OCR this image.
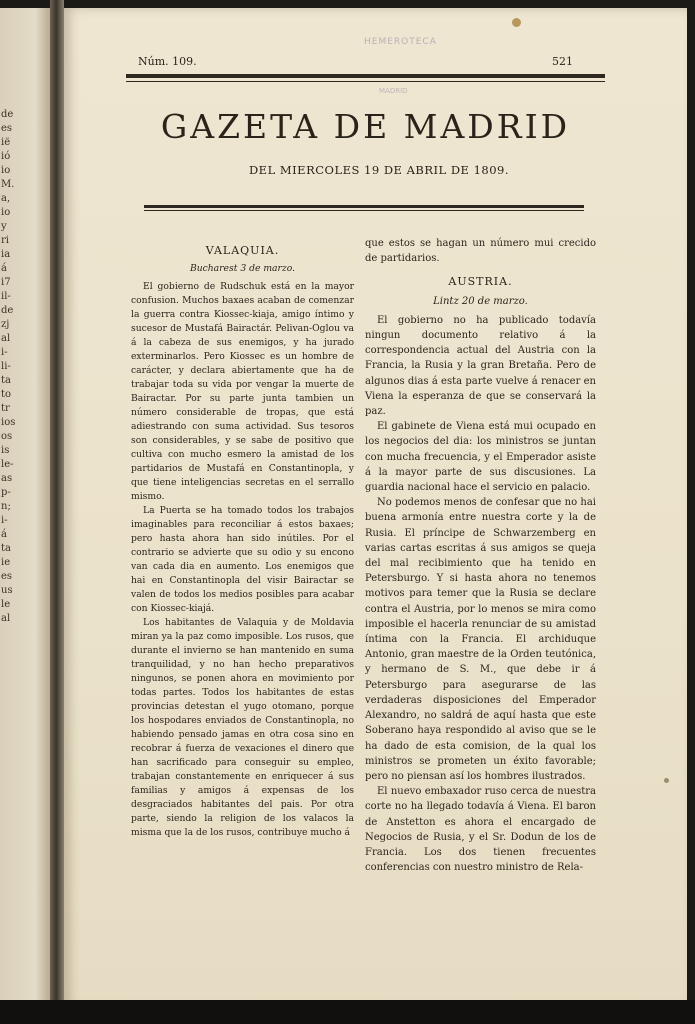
de
es
ië
ió
io
M.
a,
io
y
ri
ia
á
i7
il-
de
zj
al
i-
li-
ta
to
tr
ios
os
is
le-
as
p-
n;
i-
á
ta
ie
es
us
le
al
HEMEROTECA
MADRID
Núm. 109.	521
GAZETA DE MADRID
DEL MIERCOLES 19 DE ABRIL DE 1809.
VALAQUIA.
Bucharest 3 de marzo.
El gobierno de Rudschuk está en la mayor confusion. Muchos baxaes acaban de comenzar la guerra contra Kiossec-kiaja, amigo íntimo y sucesor de Mustafá Bairactár. Pelivan-Oglou va á la cabeza de sus enemigos, y ha jurado exterminarlos. Pero Kiossec es un hombre de carácter, y declara abiertamente que ha de trabajar toda su vida por vengar la muerte de Bairactar. Por su parte junta tambien un número considerable de tropas, que está adiestrando con suma actividad. Sus tesoros son considerables, y se sabe de positivo que cultiva con mucho esmero la amistad de los partidarios de Mustafá en Constantinopla, y que tiene inteligencias secretas en el serrallo mismo.
La Puerta se ha tomado todos los trabajos imaginables para reconciliar á estos baxaes; pero hasta ahora han sido inútiles. Por el contrario se advierte que su odio y su encono van cada dia en aumento. Los enemigos que hai en Constantinopla del visir Bairactar se valen de todos los medios posibles para acabar con Kiossec-kiajá.
Los habitantes de Valaquia y de Moldavia miran ya la paz como imposible. Los rusos, que durante el invierno se han mantenido en suma tranquilidad, y no han hecho preparativos ningunos, se ponen ahora en movimiento por todas partes. Todos los habitantes de estas provincias detestan el yugo otomano, porque los hospodares enviados de Constantinopla, no habiendo pensado jamas en otra cosa sino en recobrar á fuerza de vexaciones el dinero que han sacrificado para conseguir su empleo, trabajan constantemente en enriquecer á sus familias y amigos á expensas de los desgraciados habitantes del pais. Por otra parte, siendo la religion de los valacos la misma que la de los rusos, contribuye mucho á
que estos se hagan un número mui crecido de partidarios.
AUSTRIA.
Lintz 20 de marzo.
El gobierno no ha publicado todavía ningun documento relativo á la correspondencia actual del Austria con la Francia, la Rusia y la gran Bretaña. Pero de algunos dias á esta parte vuelve á renacer en Viena la esperanza de que se conservará la paz.
El gabinete de Viena está mui ocupado en los negocios del dia: los ministros se juntan con mucha frecuencia, y el Emperador asiste á la mayor parte de sus discusiones. La guardia nacional hace el servicio en palacio.
No podemos menos de confesar que no hai buena armonía entre nuestra corte y la de Rusia. El príncipe de Schwarzemberg en varias cartas escritas á sus amigos se queja del mal recibimiento que ha tenido en Petersburgo. Y si hasta ahora no tenemos motivos para temer que la Rusia se declare contra el Austria, por lo menos se mira como imposible el hacerla renunciar de su amistad íntima con la Francia. El archiduque Antonio, gran maestre de la Orden teutónica, y hermano de S. M., que debe ir á Petersburgo para asegurarse de las verdaderas disposiciones del Emperador Alexandro, no saldrá de aquí hasta que este Soberano haya respondido al aviso que se le ha dado de esta comision, de la qual los ministros se prometen un éxito favorable; pero no piensan así los hombres ilustrados.
El nuevo embaxador ruso cerca de nuestra corte no ha llegado todavía á Viena. El baron de Anstetton es ahora el encargado de Negocios de Rusia, y el Sr. Dodun de los de Francia. Los dos tienen frecuentes conferencias con nuestro ministro de Rela-
